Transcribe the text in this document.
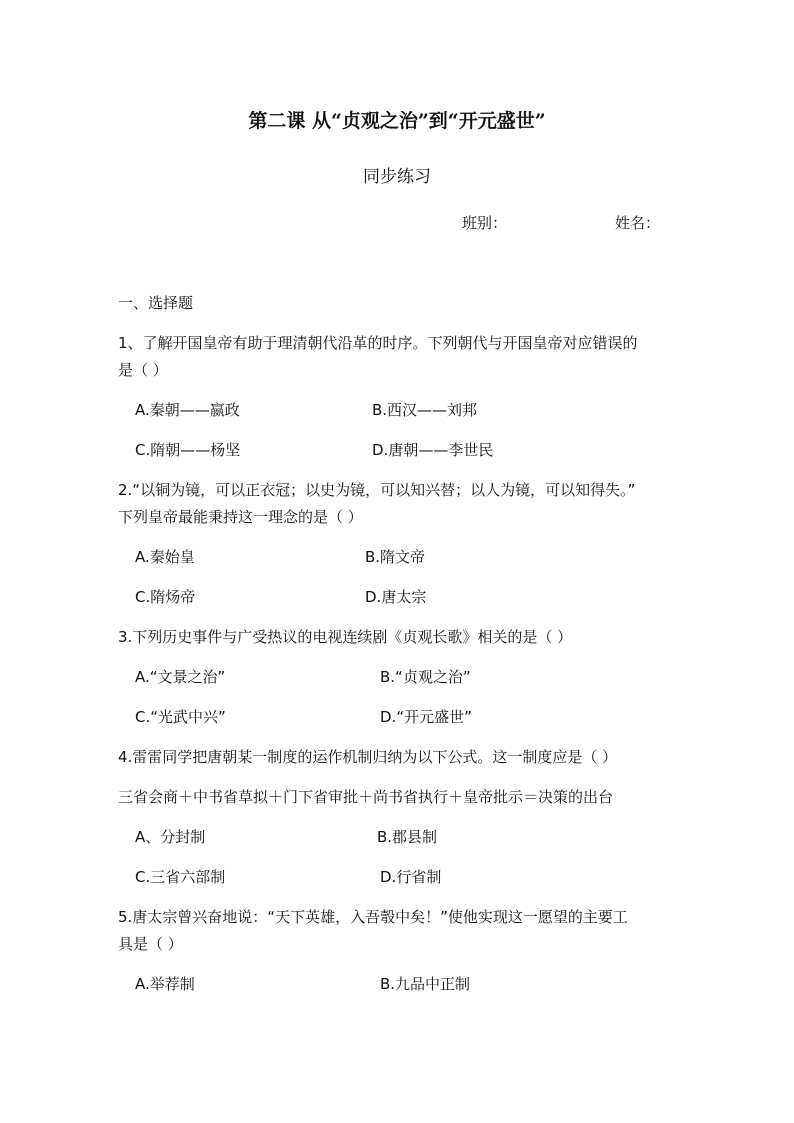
第二课 从“贞观之治”到“开元盛世”
同步练习
班别：	姓名：
一、选择题
1、了解开国皇帝有助于理清朝代沿革的时序。下列朝代与开国皇帝对应错误的
是（ ）
A.秦朝——嬴政	B.西汉——刘邦
C.隋朝——杨坚	D.唐朝——李世民
2.“以铜为镜，可以正衣冠；以史为镜，可以知兴替；以人为镜，可以知得失。”
下列皇帝最能秉持这一理念的是（ ）
A.秦始皇	B.隋文帝
C.隋炀帝	D.唐太宗
3.下列历史事件与广受热议的电视连续剧《贞观长歌》相关的是（ ）
A.“文景之治”	B.“贞观之治”
C.“光武中兴”	D.“开元盛世”
4.雷雷同学把唐朝某一制度的运作机制归纳为以下公式。这一制度应是（ ）
三省会商＋中书省草拟＋门下省审批＋尚书省执行＋皇帝批示＝决策的出台
A、分封制	B.郡县制
C.三省六部制	D.行省制
5.唐太宗曾兴奋地说：“天下英雄，入吾彀中矣！”使他实现这一愿望的主要工
具是（ ）
A.举荐制	B.九品中正制
